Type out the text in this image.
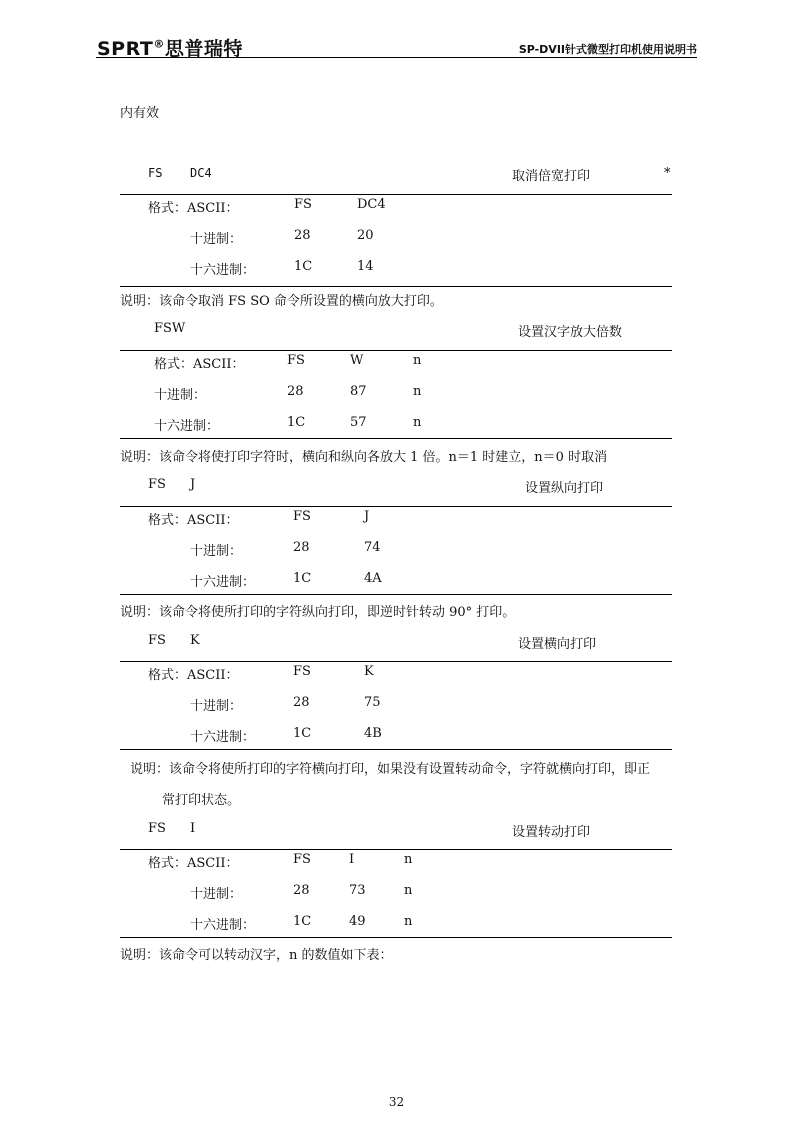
SPRT®思普瑞特	SP-DVII针式微型打印机使用说明书
内有效
FS DC4	取消倍宽打印	*
格式：ASCII：	FS	DC4
十进制：	28	20
十六进制：	1C	14
说明：该命令取消 FS SO 命令所设置的横向放大打印。
FSW	设置汉字放大倍数
格式：ASCII：	FS	W	n
十进制：	28	87	n
十六进制：	1C	57	n
说明：该命令将使打印字符时，横向和纵向各放大 1 倍。n＝1 时建立，n＝0 时取消
FS J	设置纵向打印
格式：ASCII：	FS	J
十进制：	28	74
十六进制：	1C	4A
说明：该命令将使所打印的字符纵向打印，即逆时针转动 90° 打印。
FS K	设置横向打印
格式：ASCII：	FS	K
十进制：	28	75
十六进制：	1C	4B
说明：该命令将使所打印的字符横向打印，如果没有设置转动命令，字符就横向打印，即正
常打印状态。
FS I	设置转动打印
格式：ASCII：	FS	I	n
十进制：	28	73	n
十六进制：	1C	49	n
说明：该命令可以转动汉字，n 的数值如下表：
32
